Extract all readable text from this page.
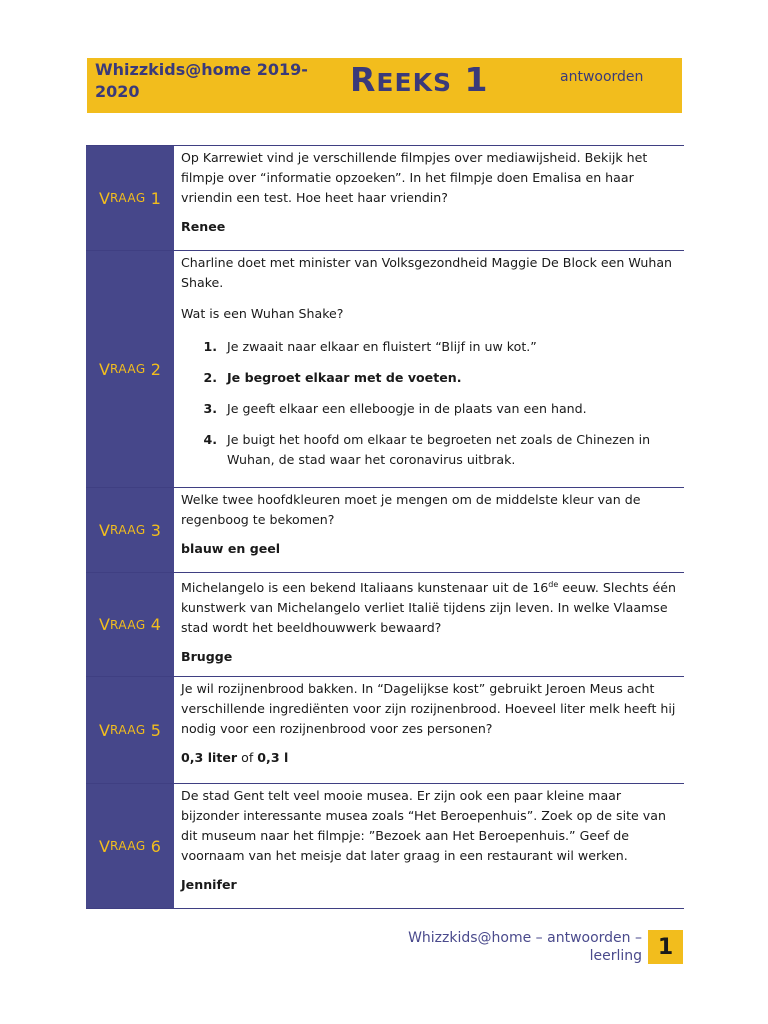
Whizzkids@home 2019-2020	REEKS 1	antwoorden
V RAAG
1

Op Karrewiet vind je verschillende filmpjes over mediawijsheid. Bekijk het filmpje over “informatie opzoeken”. In het filmpje doen Emalisa en haar vriendin een test. Hoe heet haar vriendin?

Renee

V RAAG
2

Charline doet met minister van Volksgezondheid Maggie De Block een Wuhan Shake.

Wat is een Wuhan Shake?

1. Je zwaait naar elkaar en fluistert “Blijf in uw kot.”
2. Je begroet elkaar met de voeten.
3. Je geeft elkaar een elleboogje in de plaats van een hand.
4. Je buigt het hoofd om elkaar te begroeten net zoals de Chinezen in Wuhan, de stad waar het coronavirus uitbrak.
V RAAG
3

Welke twee hoofdkleuren moet je mengen om de middelste kleur van de regenboog te bekomen?

blauw en geel

V RAAG
4

Michelangelo is een bekend Italiaans kunstenaar uit de 16de eeuw. Slechts één kunstwerk van Michelangelo verliet Italië tijdens zijn leven. In welke Vlaamse stad wordt het beeldhouwwerk bewaard?

Brugge

V RAAG
5

Je wil rozijnenbrood bakken. In “Dagelijkse kost” gebruikt Jeroen Meus acht verschillende ingrediënten voor zijn rozijnenbrood. Hoeveel liter melk heeft hij nodig voor een rozijnenbrood voor zes personen?

0,3 liter of 0,3 l

V RAAG
6

De stad Gent telt veel mooie musea. Er zijn ook een paar kleine maar bijzonder interessante musea zoals “Het Beroepenhuis”. Zoek op de site van dit museum naar het filmpje: ”Bezoek aan Het Beroepenhuis.” Geef de voornaam van het meisje dat later graag in een restaurant wil werken.

Jennifer

Whizzkids@home – antwoorden –
leerling 1
